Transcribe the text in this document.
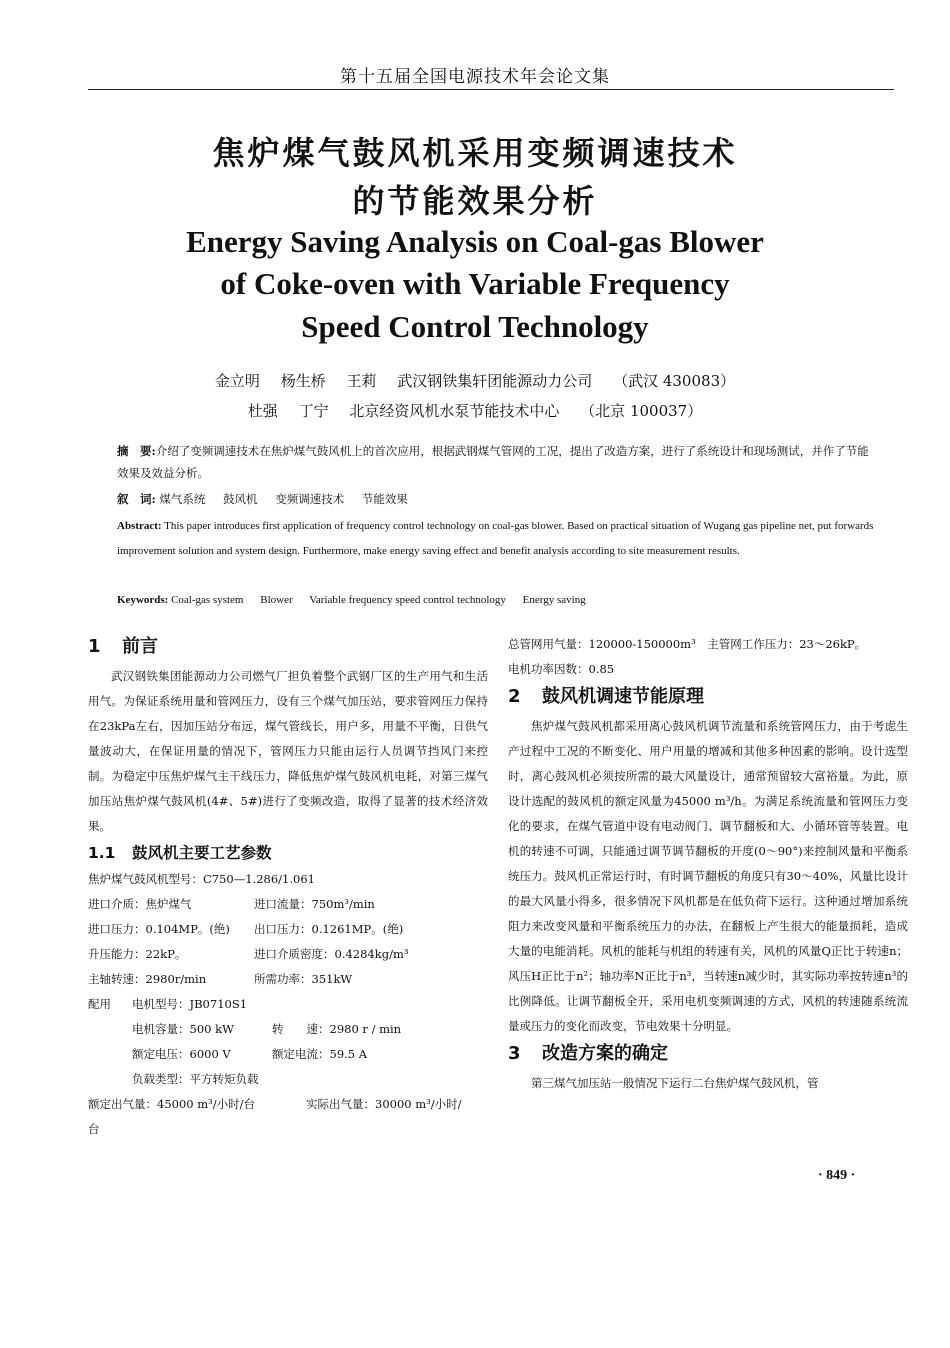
第十五届全国电源技术年会论文集
焦炉煤气鼓风机采用变频调速技术
的节能效果分析
Energy Saving Analysis on Coal-gas Blower
of Coke-oven with Variable Frequency
Speed Control Technology
金立明 杨生桥 王莉 武汉钢铁集轩团能源动力公司 （武汉 430083）
杜强 丁宁 北京经资风机水泵节能技术中心 （北京 100037）
摘　要:介绍了变频调速技术在焦炉煤气鼓风机上的首次应用，根据武钢煤气管网的工况，提出了改造方案，进行了系统设计和现场测试，并作了节能效果及效益分析。
叙　词: 煤气系统 鼓风机 变频调速技术 节能效果
Abstract: This paper introduces first application of frequency control technology on coal-gas blower. Based on practical situation of Wugang gas pipeline net, put forwards improvement solution and system design. Furthermore, make energy saving effect and benefit analysis according to site measurement results.
Keywords: Coal-gas system Blower Variable frequency speed control technology Energy saving
1 前言

武汉钢铁集团能源动力公司燃气厂担负着整个武钢厂区的生产用气和生活用气。为保证系统用量和管网压力，设有三个煤气加压站，要求管网压力保持在23kPa左右，因加压站分布远，煤气管线长，用户多，用量不平衡，日供气量波动大，在保证用量的情况下，管网压力只能由运行人员调节挡风门来控制。为稳定中压焦炉煤气主干线压力，降低焦炉煤气鼓风机电耗，对第三煤气加压站焦炉煤气鼓风机(4#、5#)进行了变频改造，取得了显著的技术经济效果。

1.1 鼓风机主要工艺参数

焦炉煤气鼓风机型号：C750—1.286/1.061

进口介质：焦炉煤气	进口流量：750m³/min

进口压力：0.104MP。(绝) 出口压力：0.1261MP。(绝)

升压能力：22kP。	进口介质密度：0.4284kg/m³

主轴转速：2980r/min	所需功率：351kW

配用 电机型号：JB0710S1

电机容量：500 kW	转　　速：2980 r / min

额定电压：6000 V	额定电流：59.5 A

负载类型：平方转矩负载

额定出气量：45000 m³/小时/台	实际出气量：30000 m³/小时/

台

总管网用气量：120000-150000m³　主管网工作压力：23～26kP。

电机功率因数：0.85

2 鼓风机调速节能原理

焦炉煤气鼓风机都采用离心鼓风机调节流量和系统管网压力，由于考虑生产过程中工况的不断变化、用户用量的增减和其他多种因素的影响。设计选型时，离心鼓风机必须按所需的最大风量设计，通常预留较大富裕量。为此，原设计选配的鼓风机的额定风量为45000 m³/h。为满足系统流量和管网压力变化的要求，在煤气管道中设有电动阀门、调节翻板和大、小循环管等装置。电机的转速不可调，只能通过调节调节翻板的开度(0～90°)来控制风量和平衡系统压力。鼓风机正常运行时，有时调节翻板的角度只有30～40%，风量比设计的最大风量小得多，很多情况下风机都是在低负荷下运行。这种通过增加系统阻力来改变风量和平衡系统压力的办法，在翻板上产生很大的能量损耗，造成大量的电能消耗。风机的能耗与机组的转速有关，风机的风量Q正比于转速n；风压H正比于n²；轴功率N正比于n³，当转速n减少时，其实际功率按转速n³的比例降低。让调节翻板全开，采用电机变频调速的方式，风机的转速随系统流量或压力的变化而改变，节电效果十分明显。

3 改造方案的确定

第三煤气加压站一般情况下运行二台焦炉煤气鼓风机，管

· 849 ·
